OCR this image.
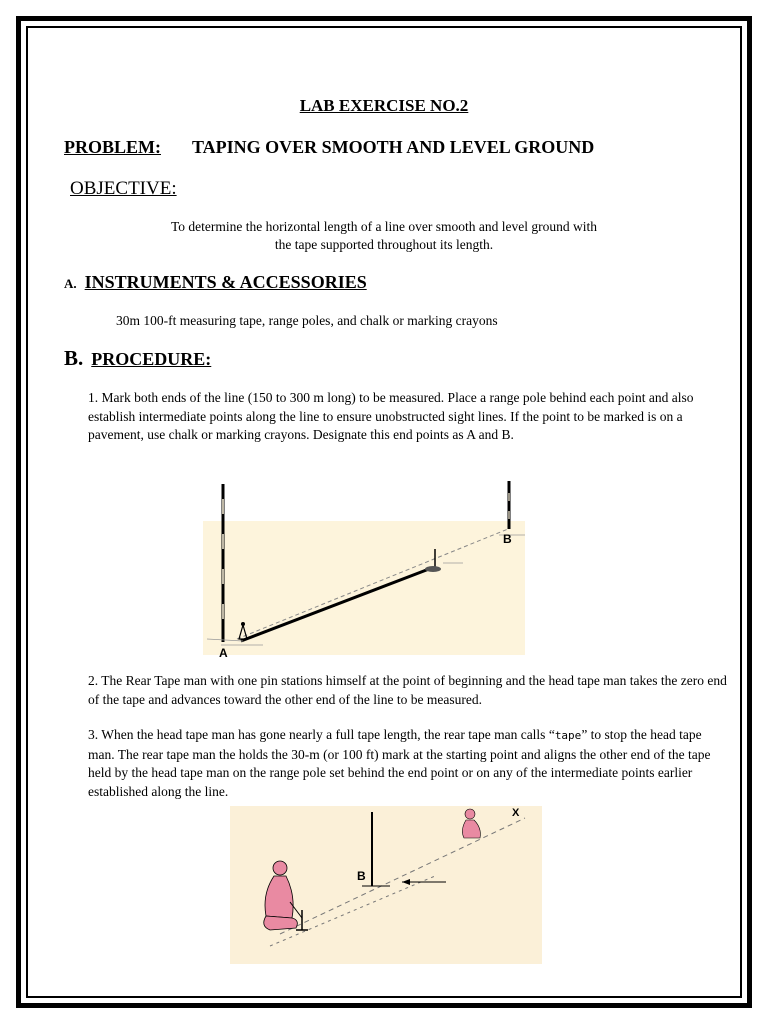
LAB EXERCISE NO.2
PROBLEM: TAPING OVER SMOOTH AND LEVEL GROUND
OBJECTIVE:
To determine the horizontal length of a line over smooth and level ground with
the tape supported throughout its length.
A. INSTRUMENTS & ACCESSORIES
30m 100-ft measuring tape, range poles, and chalk or marking crayons
B. PROCEDURE:
1. Mark both ends of the line (150 to 300 m long) to be measured. Place a range pole behind each point and also establish intermediate points along the line to ensure unobstructed sight lines. If the point to be marked is on a pavement, use chalk or marking crayons. Designate this end points as A and B.
A
B
2. The Rear Tape man with one pin stations himself at the point of beginning and the head tape man takes the zero end of the tape and advances toward the other end of the line to be measured.
3. When the head tape man has gone nearly a full tape length, the rear tape man calls “tape” to stop the head tape man. The rear tape man the holds the 30-m (or 100 ft) mark at the starting point and aligns the other end of the tape held by the head tape man on the range pole set behind the end point or on any of the intermediate points earlier established along the line.
B
X
